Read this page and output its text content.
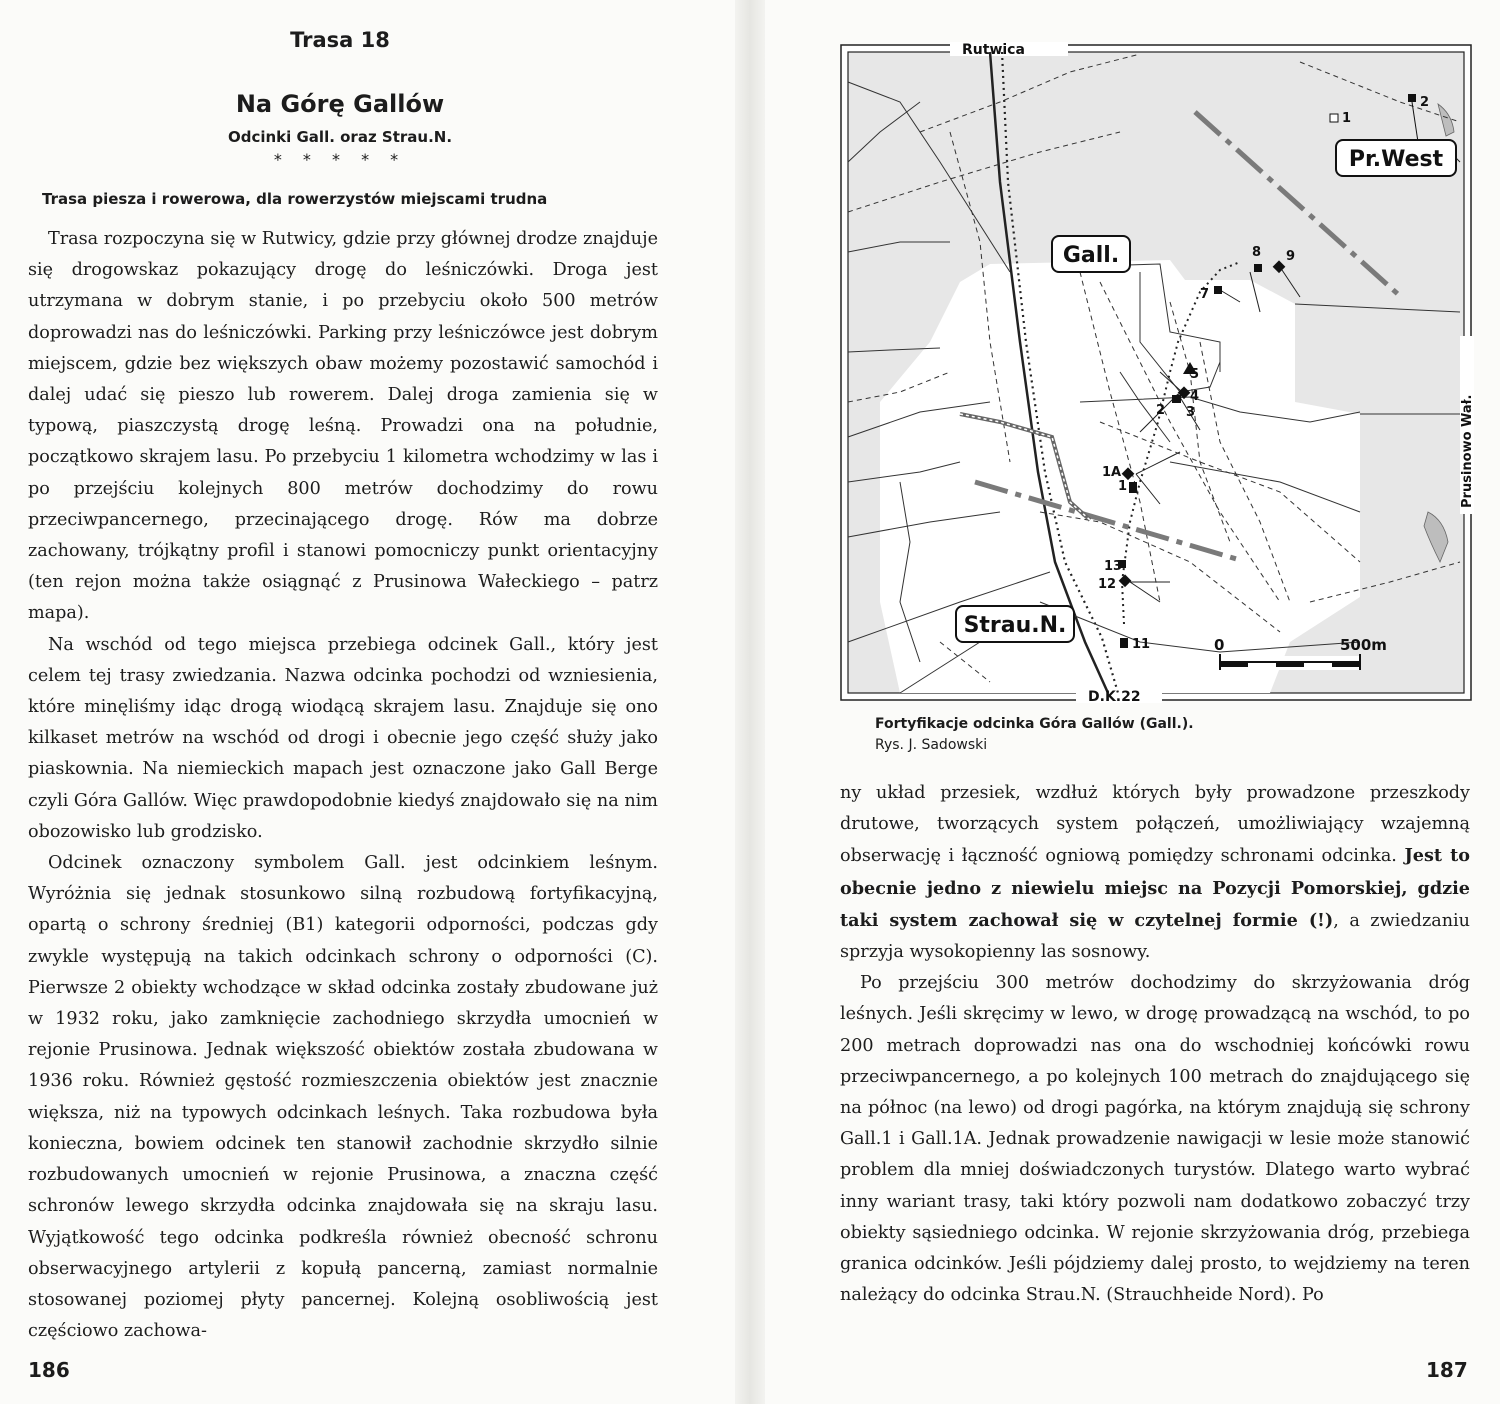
Trasa 18
Na Górę Gallów
Odcinki Gall. oraz Strau.N.
* * * * *
Trasa piesza i rowerowa, dla rowerzystów miejscami trudna

Trasa rozpoczyna się w Rutwicy, gdzie przy głównej drodze znajduje się drogowskaz pokazujący drogę do leśniczówki. Droga jest utrzymana w dobrym stanie, i po przebyciu około 500 metrów doprowadzi nas do leśniczówki. Parking przy leśniczówce jest dobrym miejscem, gdzie bez większych obaw możemy pozostawić samochód i dalej udać się pieszo lub rowerem. Dalej droga zamienia się w typową, piaszczystą drogę leśną. Prowadzi ona na południe, początkowo skrajem lasu. Po przebyciu 1 kilometra wchodzimy w las i po przejściu kolejnych 800 metrów dochodzimy do rowu przeciwpancernego, przecinającego drogę. Rów ma dobrze zachowany, trójkątny profil i stanowi pomocniczy punkt orientacyjny (ten rejon można także osiągnąć z Prusinowa Wałeckiego – patrz mapa).

Na wschód od tego miejsca przebiega odcinek Gall., który jest celem tej trasy zwiedzania. Nazwa odcinka pochodzi od wzniesienia, które minęliśmy idąc drogą wiodącą skrajem lasu. Znajduje się ono kilkaset metrów na wschód od drogi i obecnie jego część służy jako piaskownia. Na niemieckich mapach jest oznaczone jako Gall Berge czyli Góra Gallów. Więc prawdopodobnie kiedyś znajdowało się na nim obozowisko lub grodzisko.

Odcinek oznaczony symbolem Gall. jest odcinkiem leśnym. Wyróżnia się jednak stosunkowo silną rozbudową fortyfikacyjną, opartą o schrony średniej (B1) kategorii odporności, podczas gdy zwykle występują na takich odcinkach schrony o odporności (C). Pierwsze 2 obiekty wchodzące w skład odcinka zostały zbudowane już w 1932 roku, jako zamknięcie zachodniego skrzydła umocnień w rejonie Prusinowa. Jednak większość obiektów została zbudowana w 1936 roku. Również gęstość rozmieszczenia obiektów jest znacznie większa, niż na typowych odcinkach leśnych. Taka rozbudowa była konieczna, bowiem odcinek ten stanowił zachodnie skrzydło silnie rozbudowanych umocnień w rejonie Prusinowa, a znaczna część schronów lewego skrzydła odcinka znajdowała się na skraju lasu. Wyjątkowość tego odcinka podkreśla również obecność schronu obserwacyjnego artylerii z kopułą pancerną, zamiast normalnie stosowanej poziomej płyty pancernej. Kolejną osobliwością jest częściowo zachowa-

186
5
4
2 3
1A
1
7
8 9
13
12
11
1
2
Gall.
Pr.West
Strau.N.
0	500m
Rutwica
D.K.22
Prusinowo Wał.
Fortyfikacje odcinka Góra Gallów (Gall.).
Rys. J. Sadowski

ny układ przesiek, wzdłuż których były prowadzone przeszkody drutowe, tworzących system połączeń, umożliwiający wzajemną obserwację i łączność ogniową pomiędzy schronami odcinka. Jest to obecnie jedno z niewielu miejsc na Pozycji Pomorskiej, gdzie taki system zachował się w czytelnej formie (!), a zwiedzaniu sprzyja wysokopienny las sosnowy.

Po przejściu 300 metrów dochodzimy do skrzyżowania dróg leśnych. Jeśli skręcimy w lewo, w drogę prowadzącą na wschód, to po 200 metrach doprowadzi nas ona do wschodniej końcówki rowu przeciwpancernego, a po kolejnych 100 metrach do znajdującego się na północ (na lewo) od drogi pagórka, na którym znajdują się schrony Gall.1 i Gall.1A. Jednak prowadzenie nawigacji w lesie może stanowić problem dla mniej doświadczonych turystów. Dlatego warto wybrać inny wariant trasy, taki który pozwoli nam dodatkowo zobaczyć trzy obiekty sąsiedniego odcinka. W rejonie skrzyżowania dróg, przebiega granica odcinków. Jeśli pójdziemy dalej prosto, to wejdziemy na teren należący do odcinka Strau.N. (Strauchheide Nord). Po

187
